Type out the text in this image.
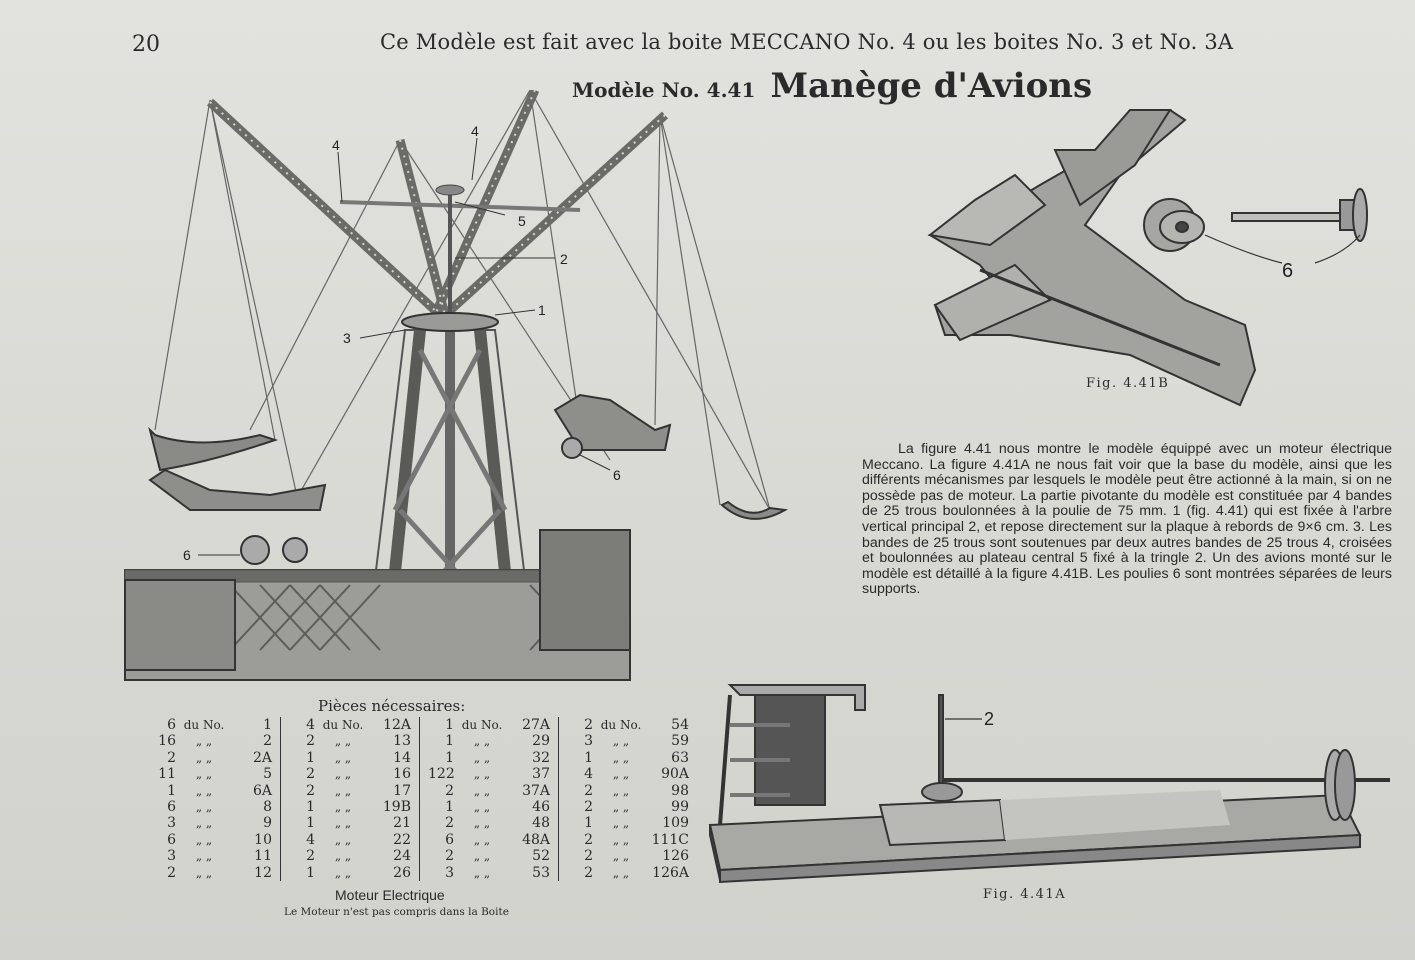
20	Ce Modèle est fait avec la boite MECCANO No. 4 ou les boites No. 3 et No. 3A
Modèle No. 4.41 Manège d'Avions
4
4
5
2
1
3
6
6
6
Fig. 4.41B
La figure 4.41 nous montre le modèle équippé avec un moteur électrique Meccano. La figure 4.41A ne nous fait voir que la base du modèle, ainsi que les différents mécanismes par lesquels le modèle peut être actionné à la main, si on ne possède pas de moteur. La partie pivotante du modèle est constituée par 4 bandes de 25 trous boulonnées à la poulie de 75 mm. 1 (fig. 4.41) qui est fixée à l'arbre vertical principal 2, et repose directement sur la plaque à rebords de 9×6 cm. 3. Les bandes de 25 trous sont soutenues par deux autres bandes de 25 trous 4, croisées et boulonnées au plateau central 5 fixé à la tringle 2. Un des avions monté sur le modèle est détaillé à la figure 4.41B. Les poulies 6 sont montrées séparées de leurs supports.
2
Fig. 4.41A
Pièces nécessaires:
6 du No.	1
16	„ „	2
2	„ „	2A
11	„ „	5
1	„ „	6A
6	„ „	8
3	„ „	9
6	„ „	10
3	„ „	11
2	„ „	12
4 du No.	12A
2	„ „	13
1	„ „	14
2	„ „	16
2	„ „	17
1	„ „	19B
1	„ „	21
4	„ „	22
2	„ „	24
1	„ „	26
1 du No.	27A
1	„ „	29
1	„ „	32
122	„ „	37
2	„ „	37A
1	„ „	46
2	„ „	48
6	„ „	48A
2	„ „	52
3	„ „	53
2 du No.	54
3	„ „	59
1	„ „	63
4	„ „	90A
2	„ „	98
2	„ „	99
1	„ „	109
2	„ „	111C
2	„ „	126
2	„ „	126A
Moteur Electrique
Le Moteur n'est pas compris dans la Boite
